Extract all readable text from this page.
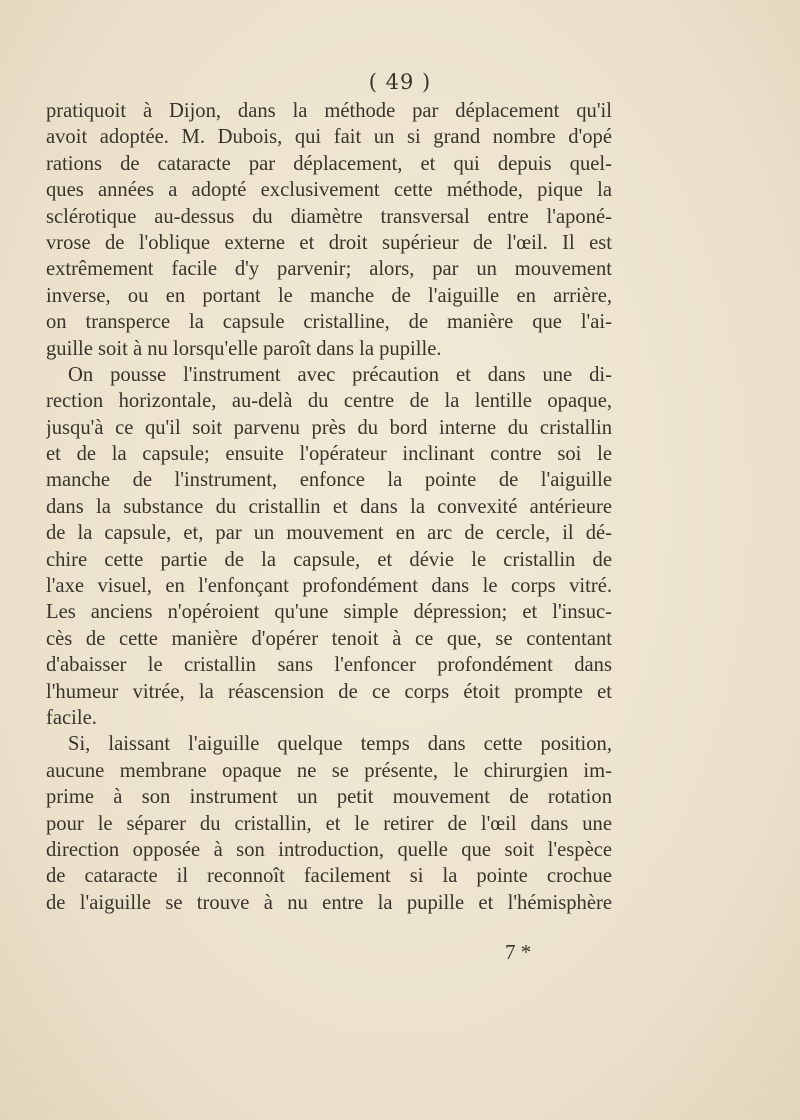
( 49 )
pratiquoit à Dijon, dans la méthode par déplacement qu'il
avoit adoptée. M. Dubois, qui fait un si grand nombre d'opé
rations de cataracte par déplacement, et qui depuis quel-
ques années a adopté exclusivement cette méthode, pique la
sclérotique au-dessus du diamètre transversal entre l'aponé-
vrose de l'oblique externe et droit supérieur de l'œil. Il est
extrêmement facile d'y parvenir; alors, par un mouvement
inverse, ou en portant le manche de l'aiguille en arrière,
on transperce la capsule cristalline, de manière que l'ai-
guille soit à nu lorsqu'elle paroît dans la pupille.
On pousse l'instrument avec précaution et dans une di-
rection horizontale, au-delà du centre de la lentille opaque,
jusqu'à ce qu'il soit parvenu près du bord interne du cristallin
et de la capsule; ensuite l'opérateur inclinant contre soi le
manche de l'instrument, enfonce la pointe de l'aiguille
dans la substance du cristallin et dans la convexité antérieure
de la capsule, et, par un mouvement en arc de cercle, il dé-
chire cette partie de la capsule, et dévie le cristallin de
l'axe visuel, en l'enfonçant profondément dans le corps vitré.
Les anciens n'opéroient qu'une simple dépression; et l'insuc-
cès de cette manière d'opérer tenoit à ce que, se contentant
d'abaisser le cristallin sans l'enfoncer profondément dans
l'humeur vitrée, la réascension de ce corps étoit prompte et
facile.
Si, laissant l'aiguille quelque temps dans cette position,
aucune membrane opaque ne se présente, le chirurgien im-
prime à son instrument un petit mouvement de rotation
pour le séparer du cristallin, et le retirer de l'œil dans une
direction opposée à son introduction, quelle que soit l'espèce
de cataracte il reconnoît facilement si la pointe crochue
de l'aiguille se trouve à nu entre la pupille et l'hémisphère
7 *
